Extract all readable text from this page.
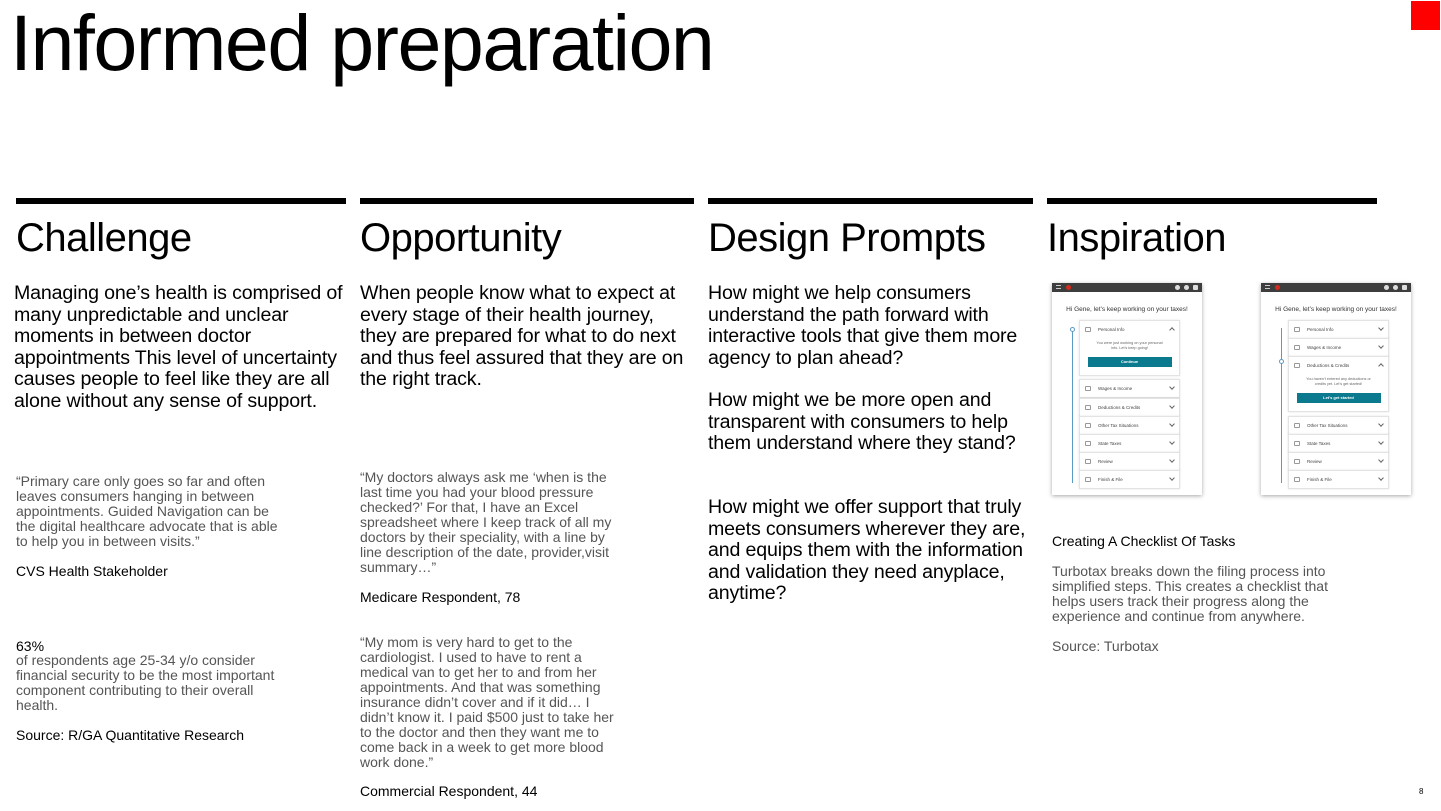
Informed preparation
8
Challenge

Managing one’s health is comprised of many unpredictable and unclear moments in between doctor appointments This level of uncertainty causes people to feel like they are all alone without any sense of support.

“Primary care only goes so far and often leaves consumers hanging in between appointments. Guided Navigation can be the digital healthcare advocate that is able to help you in between visits.”

CVS Health Stakeholder

63%

of respondents age 25-34 y/o consider financial security to be the most important component contributing to their overall health.

Source: R/GA Quantitative Research

Opportunity

When people know what to expect at every stage of their health journey, they are prepared for what to do next and thus feel assured that they are on the right track.

“My doctors always ask me ‘when is the last time you had your blood pressure checked?’ For that, I have an Excel spreadsheet where I keep track of all my doctors by their speciality, with a line by line description of the date, provider,visit summary…”

Medicare Respondent, 78

“My mom is very hard to get to the cardiologist. I used to have to rent a medical van to get her to and from her appointments. And that was something insurance didn’t cover and if it did… I didn’t know it. I paid $500 just to take her to the doctor and then they want me to come back in a week to get more blood work done.”

Commercial Respondent, 44

Design Prompts

How might we help consumers understand the path forward with interactive tools that give them more agency to plan ahead?

How might we be more open and transparent with consumers to help them understand where they stand?

How might we offer support that truly meets consumers wherever they are, and equips them with the information and validation they need anyplace, anytime?

Inspiration
Hi Gene, let’s keep working on your taxes!
Personal Info
You were just working on your personal info. Let’s keep going!
Continue
Wages & Income
Deductions & Credits
Other Tax Situations
State Taxes
Review
Finish & File
Hi Gene, let’s keep working on your taxes!
Personal Info
Wages & Income
Deductions & Credits
You haven’t entered any deductions or credits yet. Let’s get started!
Let’s get started
Other Tax Situations
State Taxes
Review
Finish & File

Creating A Checklist Of Tasks

Turbotax breaks down the filing process into simplified steps. This creates a checklist that helps users track their progress along the experience and continue from anywhere.

Source: Turbotax
